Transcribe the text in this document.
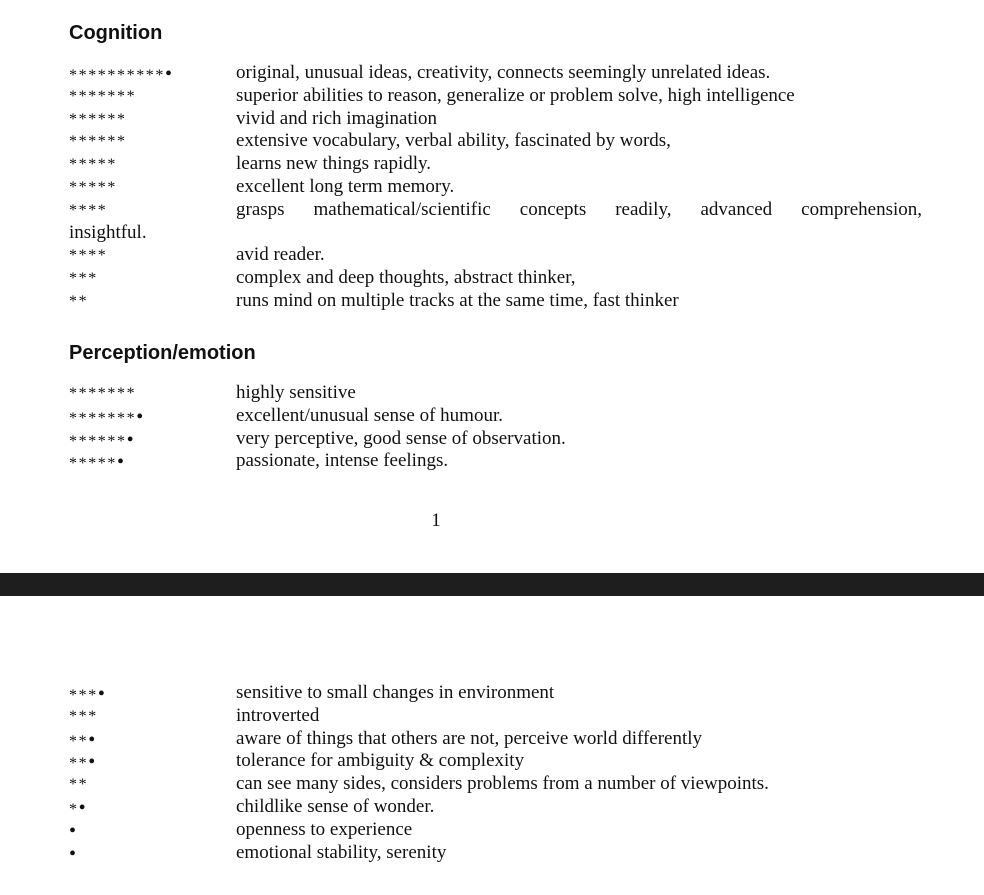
Cognition
**********•	original, unusual ideas, creativity, connects seemingly unrelated ideas.
*******	superior abilities to reason, generalize or problem solve, high intelligence
******	vivid and rich imagination
******	extensive vocabulary, verbal ability, fascinated by words,
*****	learns new things rapidly.
*****	excellent long term memory.
****	grasps mathematical/scientific concepts readily, advanced comprehension,
insightful.
****	avid reader.
***	complex and deep thoughts, abstract thinker,
**	runs mind on multiple tracks at the same time, fast thinker
Perception/emotion
*******	highly sensitive
*******•	excellent/unusual sense of humour.
******•	very perceptive, good sense of observation.
*****•	passionate, intense feelings.
1
***•	sensitive to small changes in environment
***	introverted
**•	aware of things that others are not, perceive world differently
**•	tolerance for ambiguity & complexity
**	can see many sides, considers problems from a number of viewpoints.
*•	childlike sense of wonder.
•	openness to experience
•	emotional stability, serenity
